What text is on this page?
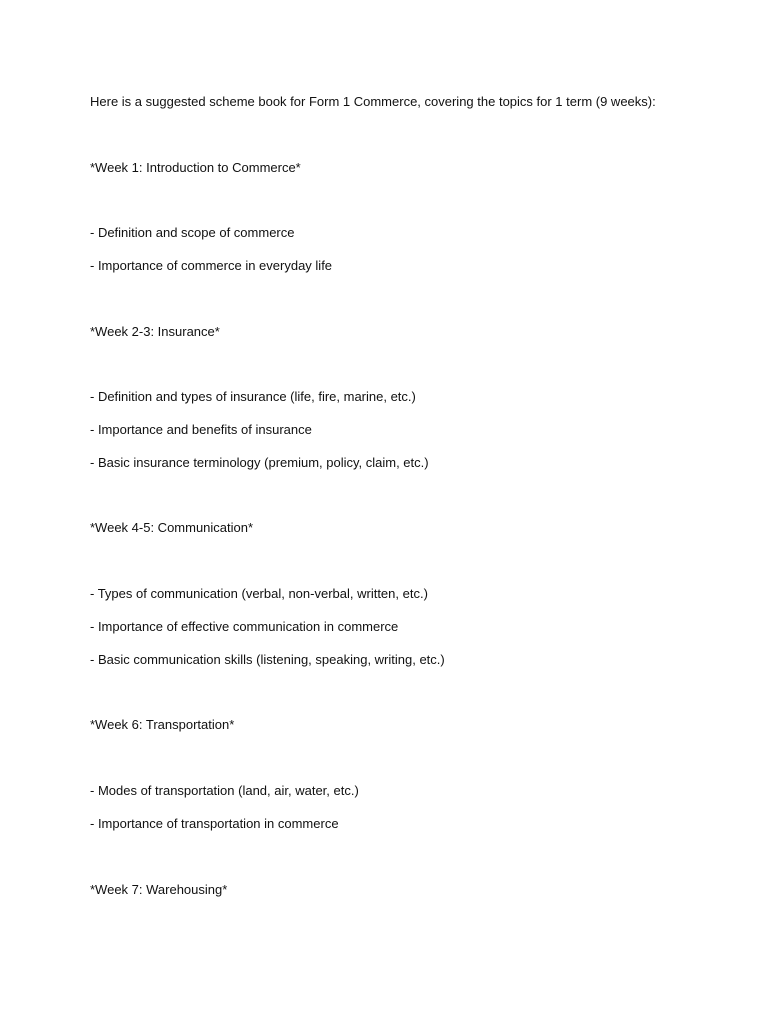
Here is a suggested scheme book for Form 1 Commerce, covering the topics for 1 term (9 weeks):
*Week 1: Introduction to Commerce*
- Definition and scope of commerce
- Importance of commerce in everyday life
*Week 2-3: Insurance*
- Definition and types of insurance (life, fire, marine, etc.)
- Importance and benefits of insurance
- Basic insurance terminology (premium, policy, claim, etc.)
*Week 4-5: Communication*
- Types of communication (verbal, non-verbal, written, etc.)
- Importance of effective communication in commerce
- Basic communication skills (listening, speaking, writing, etc.)
*Week 6: Transportation*
- Modes of transportation (land, air, water, etc.)
- Importance of transportation in commerce
*Week 7: Warehousing*
